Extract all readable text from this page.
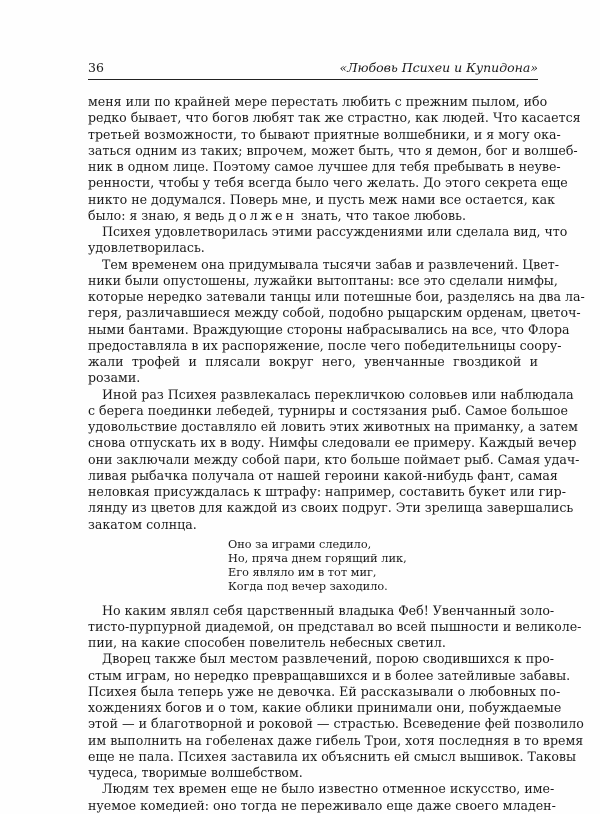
36	«Любовь Психеи и Купидона»
меня или по крайней мере перестать любить с прежним пылом, ибо
редко бывает, что богов любят так же страстно, как людей. Что касается
третьей возможности, то бывают приятные волшебники, и я могу ока-
заться одним из таких; впрочем, может быть, что я демон, бог и волшеб-
ник в одном лице. Поэтому самое лучшее для тебя пребывать в неуве-
ренности, чтобы у тебя всегда было чего желать. До этого секрета еще
никто не додумался. Поверь мне, и пусть меж нами все остается, как
было: я знаю, я ведь должен знать, что такое любовь.
Психея удовлетворилась этими рассуждениями или сделала вид, что
удовлетворилась.
Тем временем она придумывала тысячи забав и развлечений. Цвет-
ники были опустошены, лужайки вытоптаны: все это сделали нимфы,
которые нередко затевали танцы или потешные бои, разделясь на два ла-
геря, различавшиеся между собой, подобно рыцарским орденам, цветоч-
ными бантами. Враждующие стороны набрасывались на все, что Флора
предоставляла в их распоряжение, после чего победительницы соору-
жали трофей и плясали вокруг него, увенчанные гвоздикой и
розами.
Иной раз Психея развлекалась перекличкою соловьев или наблюдала
с берега поединки лебедей, турниры и состязания рыб. Самое большое
удовольствие доставляло ей ловить этих животных на приманку, а затем
снова отпускать их в воду. Нимфы следовали ее примеру. Каждый вечер
они заключали между собой пари, кто больше поймает рыб. Самая удач-
ливая рыбачка получала от нашей героини какой-нибудь фант, самая
неловкая присуждалась к штрафу: например, составить букет или гир-
лянду из цветов для каждой из своих подруг. Эти зрелища завершались
закатом солнца.
Оно за играми следило,
Но, пряча днем горящий лик,
Его являло им в тот миг,
Когда под вечер заходило.
Но каким являл себя царственный владыка Феб! Увенчанный золо-
тисто-пурпурной диадемой, он представал во всей пышности и великоле-
пии, на какие способен повелитель небесных светил.
Дворец также был местом развлечений, порою сводившихся к про-
стым играм, но нередко превращавшихся и в более затейливые забавы.
Психея была теперь уже не девочка. Ей рассказывали о любовных по-
хождениях богов и о том, какие облики принимали они, побуждаемые
этой — и благотворной и роковой — страстью. Всеведение фей позволило
им выполнить на гобеленах даже гибель Трои, хотя последняя в то время
еще не пала. Психея заставила их объяснить ей смысл вышивок. Таковы
чудеса, творимые волшебством.
Людям тех времен еще не было известно отменное искусство, име-
нуемое комедией: оно тогда не переживало еще даже своего младен-
